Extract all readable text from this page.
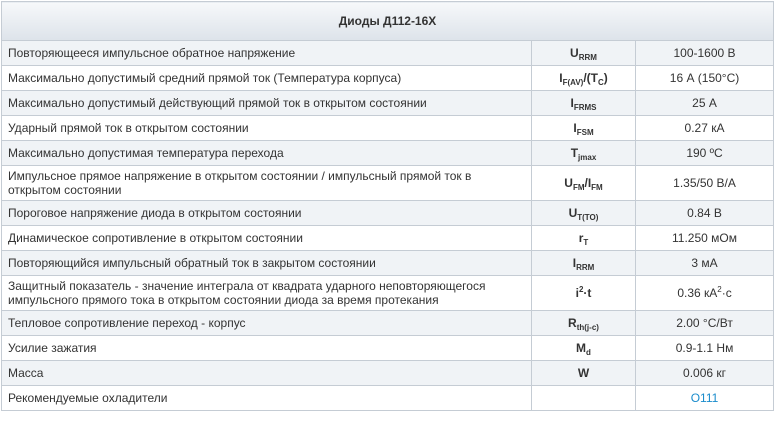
Диоды Д112-16Х		
Повторяющееся импульсное обратное напряжение	$U_{RRM}$	100-1600 В
Максимально допустимый средний прямой ток (Температура корпуса)	$I_{F(AV)}/(T_C)$	16 А (150°С)
Максимально допустимый действующий прямой ток в открытом состоянии	$I_{FRMS}$	25 А
Ударный прямой ток в открытом состоянии	$I_{FSM}$	0.27 кА
Максимально допустимая температура перехода	$T_{jmax}$	190 ºС
Импульсное прямое напряжение в открытом состоянии / импульсный прямой ток в открытом состоянии	$U_{FM}/I_{FM}$	1.35/50 В/А
Пороговое напряжение диода в открытом состоянии	$U_{T(TO)}$	0.84 В
Динамическое сопротивление в открытом состоянии	$r_T$	11.250 мОм
Повторяющийся импульсный обратный ток в закрытом состоянии	$I_{RRM}$	3 мА
Защитный показатель - значение интеграла от квадрата ударного неповторяющегося импульсного прямого тока в открытом состоянии диода за время протекания	$i^2\cdot t$	0.36 $кА^2\cdot с$
Тепловое сопротивление переход - корпус	$R_{th(j-c)}$	2.00 °С/Вт
Усилие зажатия	$M_d$	0.9-1.1 Нм
Масса	W	0.006 кг
Рекомендуемые охладители		О111
